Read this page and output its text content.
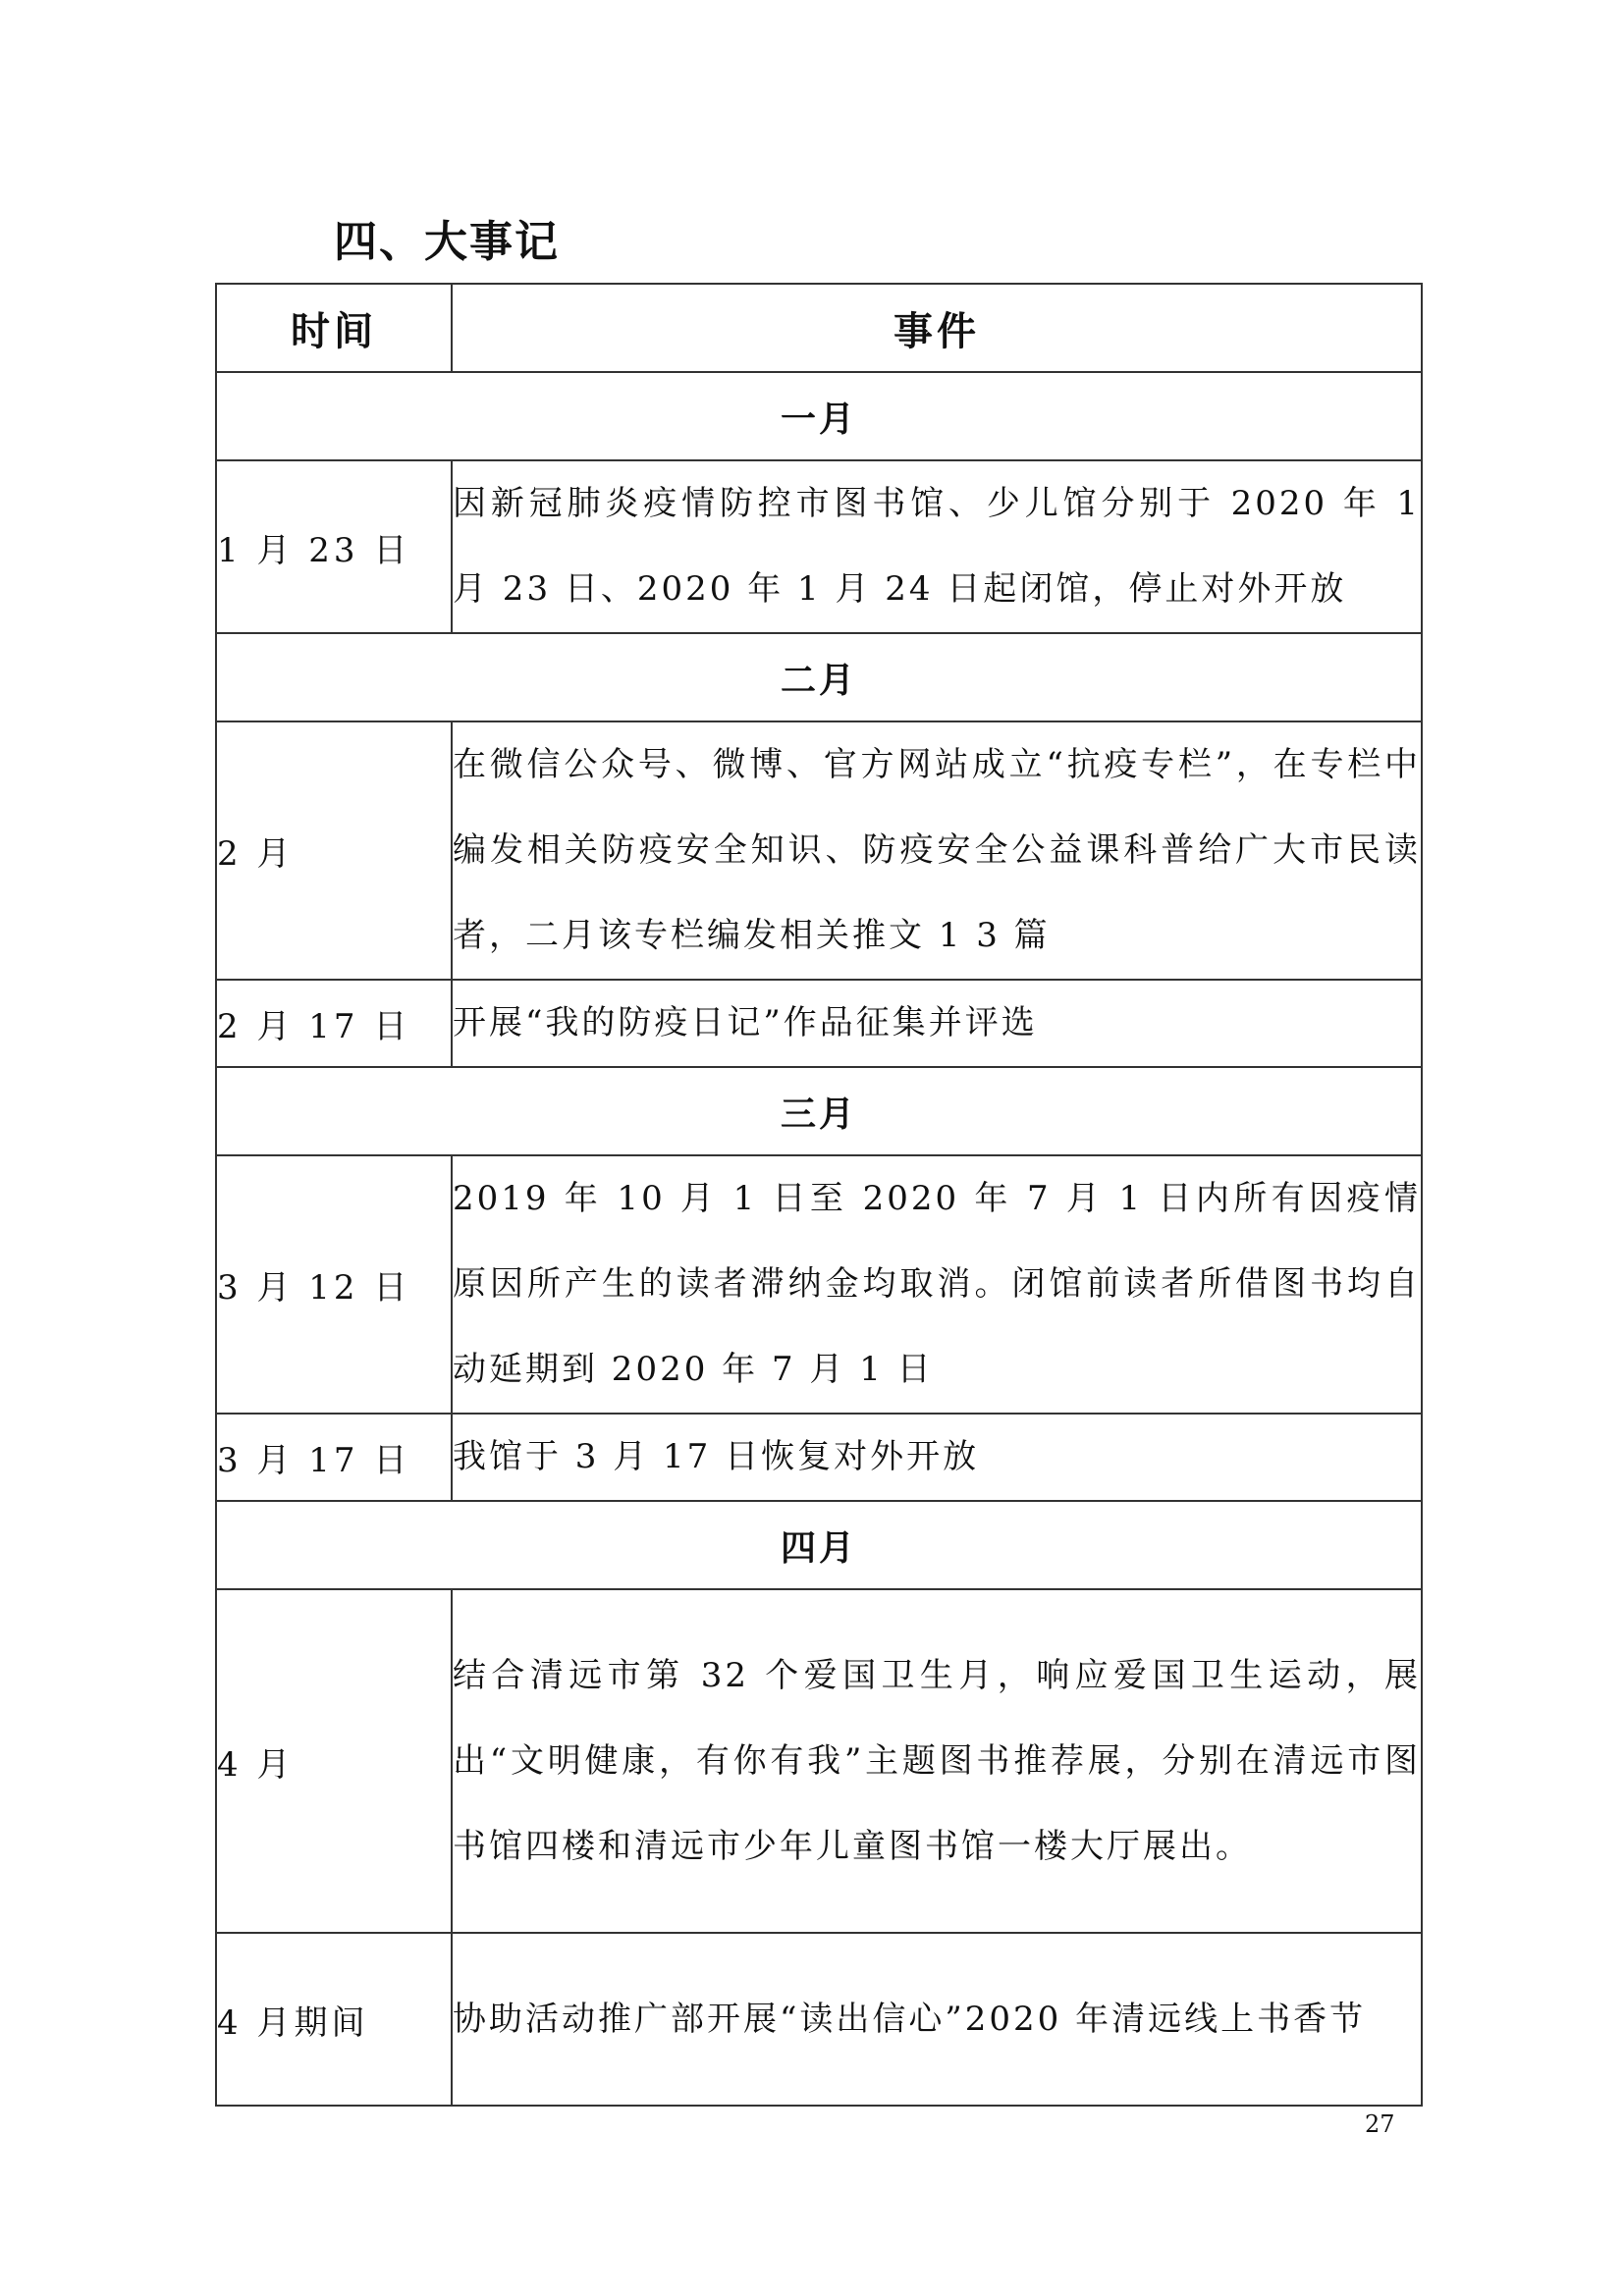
四、大事记
时间	事件
一月	
1 月 23 日	因新冠肺炎疫情防控市图书馆、少儿馆分别于 2020 年 1 月 23 日、2020 年 1 月 24 日起闭馆，停止对外开放
二月	
2 月	在微信公众号、微博、官方网站成立“抗疫专栏”，在专栏中编发相关防疫安全知识、防疫安全公益课科普给广大市民读者，二月该专栏编发相关推文 1 3 篇
2 月 17 日	开展“我的防疫日记”作品征集并评选
三月	
3 月 12 日	2019 年 10 月 1 日至 2020 年 7 月 1 日内所有因疫情原因所产生的读者滞纳金均取消。闭馆前读者所借图书均自动延期到 2020 年 7 月 1 日
3 月 17 日	我馆于 3 月 17 日恢复对外开放
四月	
4 月	结合清远市第 32 个爱国卫生月，响应爱国卫生运动，展出“文明健康，有你有我”主题图书推荐展，分别在清远市图书馆四楼和清远市少年儿童图书馆一楼大厅展出。
4 月期间	协助活动推广部开展“读出信心”2020 年清远线上书香节
27
